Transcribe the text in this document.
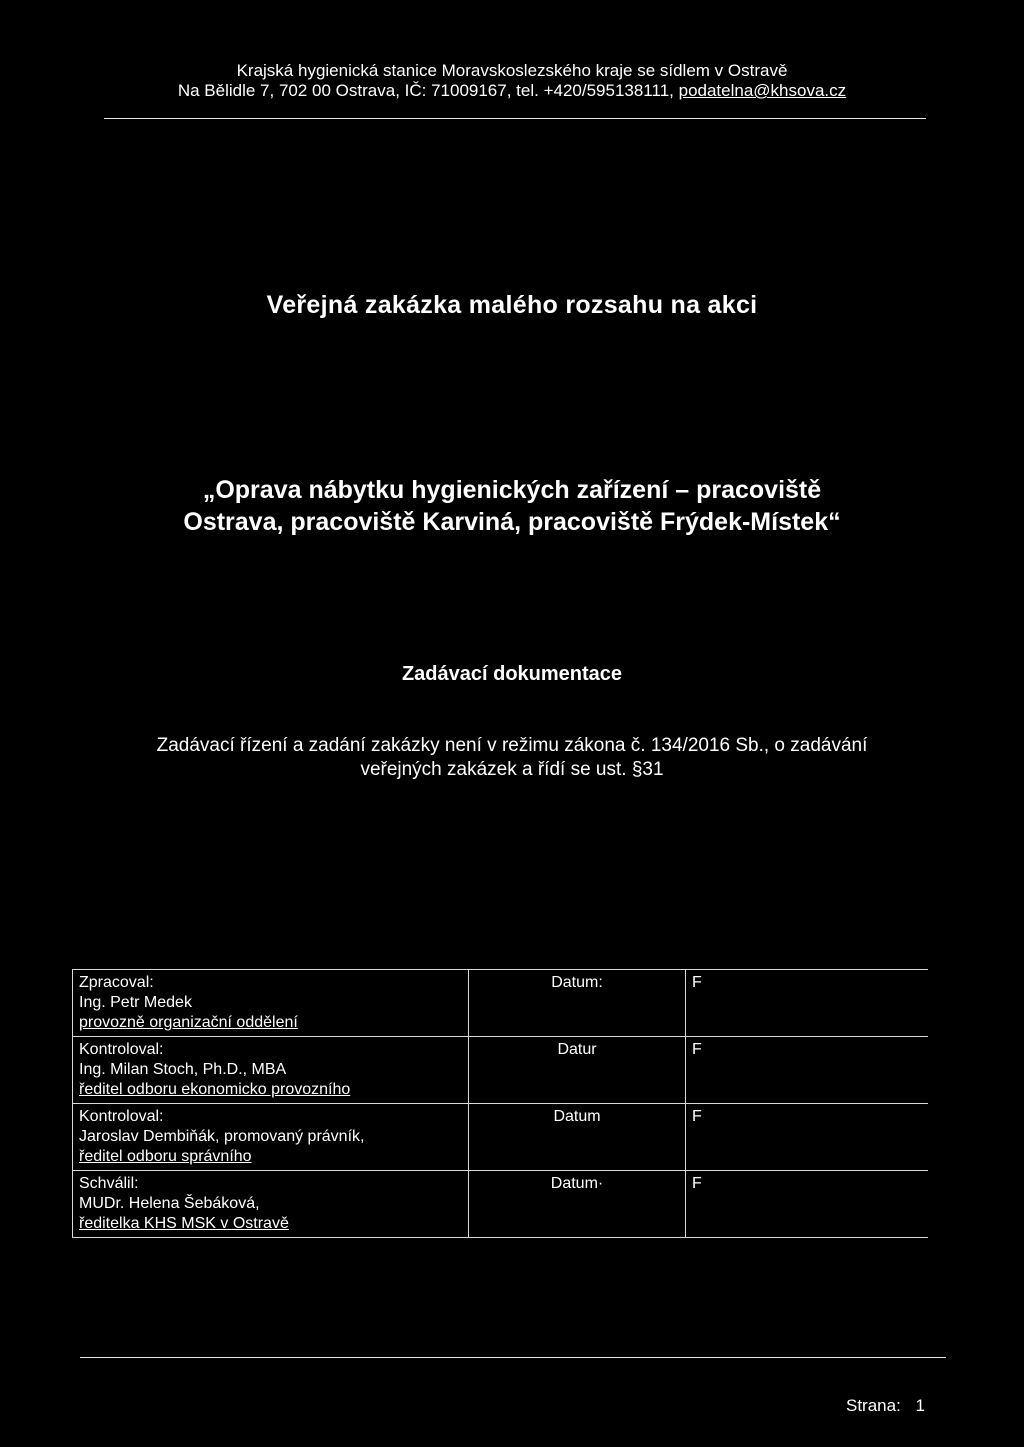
Krajská hygienická stanice Moravskoslezského kraje se sídlem v Ostravě
Na Bělidle 7, 702 00 Ostrava, IČ: 71009167, tel. +420/595138111, podatelna@khsova.cz
Veřejná zakázka malého rozsahu na akci
„Oprava nábytku hygienických zařízení – pracoviště
Ostrava, pracoviště Karviná, pracoviště Frýdek-Místek“
Zadávací dokumentace
Zadávací řízení a zadání zakázky není v režimu zákona č. 134/2016 Sb., o zadávání
veřejných zakázek a řídí se ust. §31
Zpracoval:
Ing. Petr Medek
provozně organizační oddělení	Datum:	F

Kontroloval:
Ing. Milan Stoch, Ph.D., MBA
ředitel odboru ekonomicko provozního	Datur	F

Kontroloval:
Jaroslav Dembiňák, promovaný právník,
ředitel odboru správního	Datum	F

Schválil:
MUDr. Helena Šebáková,
ředitelka KHS MSK v Ostravě	Datum·	F
Strana: 1
